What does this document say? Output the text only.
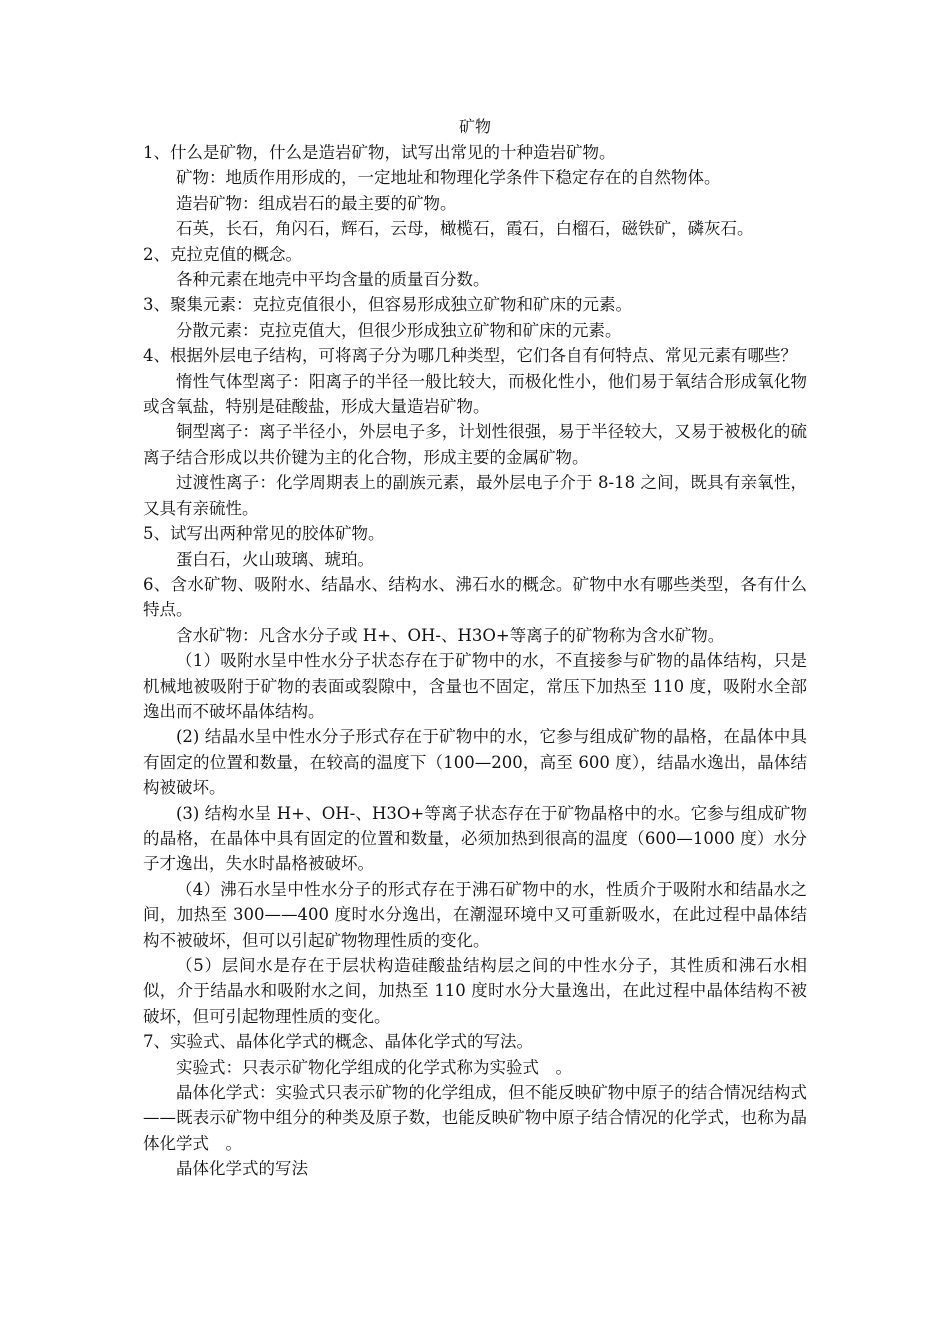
矿物

1、什么是矿物，什么是造岩矿物，试写出常见的十种造岩矿物。

矿物：地质作用形成的，一定地址和物理化学条件下稳定存在的自然物体。

造岩矿物：组成岩石的最主要的矿物。

石英，长石，角闪石，辉石，云母，橄榄石，霞石，白榴石，磁铁矿，磷灰石。

2、克拉克值的概念。

各种元素在地壳中平均含量的质量百分数。

3、聚集元素：克拉克值很小，但容易形成独立矿物和矿床的元素。

分散元素：克拉克值大，但很少形成独立矿物和矿床的元素。

4、根据外层电子结构，可将离子分为哪几种类型，它们各自有何特点、常见元素有哪些？

惰性气体型离子：阳离子的半径一般比较大，而极化性小，他们易于氧结合形成氧化物或含氧盐，特别是硅酸盐，形成大量造岩矿物。

铜型离子：离子半径小，外层电子多，计划性很强，易于半径较大，又易于被极化的硫离子结合形成以共价键为主的化合物，形成主要的金属矿物。

过渡性离子：化学周期表上的副族元素，最外层电子介于 8-18 之间，既具有亲氧性，又具有亲硫性。

5、试写出两种常见的胶体矿物。

蛋白石，火山玻璃、琥珀。

6、含水矿物、吸附水、结晶水、结构水、沸石水的概念。矿物中水有哪些类型，各有什么特点。

含水矿物：凡含水分子或 H+、OH-、H3O+等离子的矿物称为含水矿物。

（1）吸附水呈中性水分子状态存在于矿物中的水，不直接参与矿物的晶体结构，只是机械地被吸附于矿物的表面或裂隙中，含量也不固定，常压下加热至 110 度，吸附水全部逸出而不破坏晶体结构。

(2) 结晶水呈中性水分子形式存在于矿物中的水，它参与组成矿物的晶格，在晶体中具有固定的位置和数量，在较高的温度下（100—200，高至 600 度），结晶水逸出，晶体结构被破坏。

(3) 结构水呈 H+、OH-、H3O+等离子状态存在于矿物晶格中的水。它参与组成矿物的晶格，在晶体中具有固定的位置和数量，必须加热到很高的温度（600—1000 度）水分子才逸出，失水时晶格被破坏。

（4）沸石水呈中性水分子的形式存在于沸石矿物中的水，性质介于吸附水和结晶水之间，加热至 300——400 度时水分逸出，在潮湿环境中又可重新吸水，在此过程中晶体结构不被破坏，但可以引起矿物物理性质的变化。

（5）层间水是存在于层状构造硅酸盐结构层之间的中性水分子，其性质和沸石水相似，介于结晶水和吸附水之间，加热至 110 度时水分大量逸出，在此过程中晶体结构不被破坏，但可引起物理性质的变化。

7、实验式、晶体化学式的概念、晶体化学式的写法。

实验式：只表示矿物化学组成的化学式称为实验式　。

晶体化学式：实验式只表示矿物的化学组成，但不能反映矿物中原子的结合情况结构式——既表示矿物中组分的种类及原子数，也能反映矿物中原子结合情况的化学式，也称为晶体化学式　。

晶体化学式的写法
